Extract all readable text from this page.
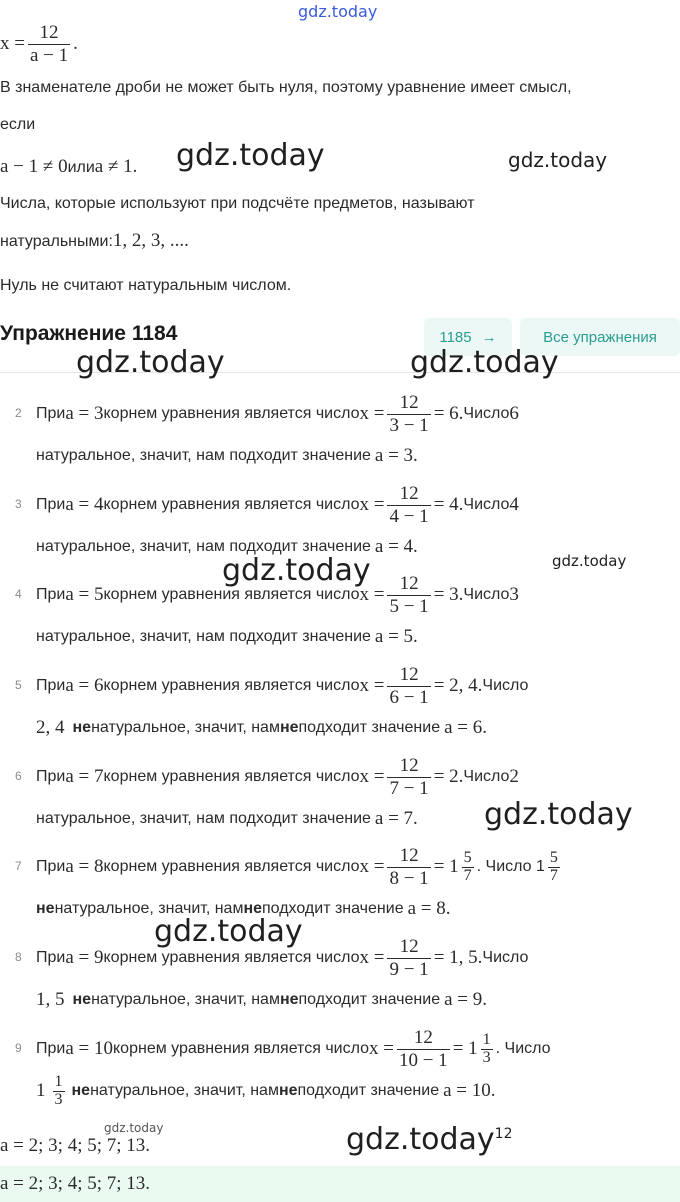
gdz.today
$x = \frac{12}{a - 1}$ .
В знаменателе дроби не может быть нуля, поэтому уравнение имеет смысл,
если
a − 1 ≠ 0 или a ≠ 1.
Числа, которые используют при подсчёте предметов, называют
натуральными: 1, 2, 3, ....
Нуль не считают натуральным числом.
Упражнение 1184	1185 →	Все упражнения
2 При a = 3 корнем уравнения является число $x = \frac{12}{3 - 1} = 6$. Число 6
натуральное, значит, нам подходит значение a = 3.
3 При a = 4 корнем уравнения является число $x = \frac{12}{4 - 1} = 4$. Число 4
натуральное, значит, нам подходит значение a = 4.
4 При a = 5 корнем уравнения является число $x = \frac{12}{5 - 1} = 3$. Число 3
натуральное, значит, нам подходит значение a = 5.
5 При a = 6 корнем уравнения является число $x = \frac{12}{6 - 1} = 2$, 4. Число
2, 4 не натуральное, значит, нам не подходит значение a = 6.
6 При a = 7 корнем уравнения является число $x = \frac{12}{7 - 1} = 2$. Число 2
натуральное, значит, нам подходит значение a = 7.
7 При a = 8 корнем уравнения является число $x = \frac{12}{8 - 1} = 1 \frac{5}{7}$ . Число $1 \frac{5}{7}$
не натуральное, значит, нам не подходит значение a = 8.
8 При a = 9 корнем уравнения является число $x = \frac{12}{9 - 1} = 1$, 5. Число
1, 5 не натуральное, значит, нам не подходит значение a = 9.
9 При a = 10 корнем уравнения является число $x = \frac{12}{10 - 1} = 1 \frac{1}{3}$ . Число
$1 \frac{1}{3}$ не натуральное, значит, нам не подходит значение a = 10.
a = 2; 3; 4; 5; 7; 13.
a = 2; 3; 4; 5; 7; 13.
gdz.today	gdz.today
gdz.today	gdz.today
gdz.today	gdz.today
gdz.today
gdz.today
gdz.today	gdz.today$^{12}$
